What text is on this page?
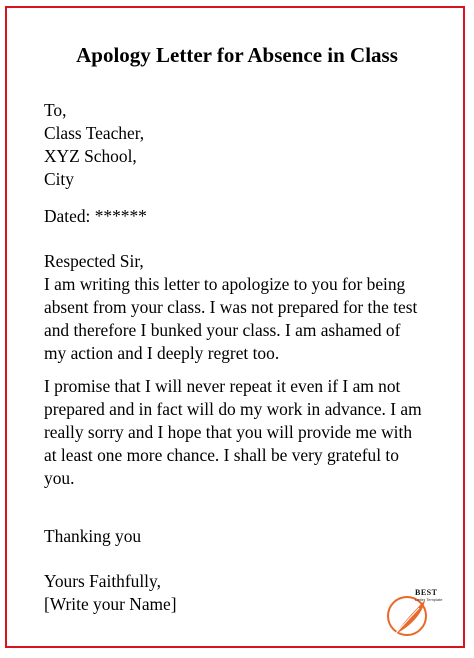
Apology Letter for Absence in Class
To,
Class Teacher,
XYZ School,
City
Dated: ******
Respected Sir,
I am writing this letter to apologize to you for being
absent from your class. I was not prepared for the test
and therefore I bunked your class. I am ashamed of
my action and I deeply regret too.
I promise that I will never repeat it even if I am not
prepared and in fact will do my work in advance. I am
really sorry and I hope that you will provide me with
at least one more chance. I shall be very grateful to
you.
Thanking you
Yours Faithfully,
[Write your Name]
BEST
Letter Template
